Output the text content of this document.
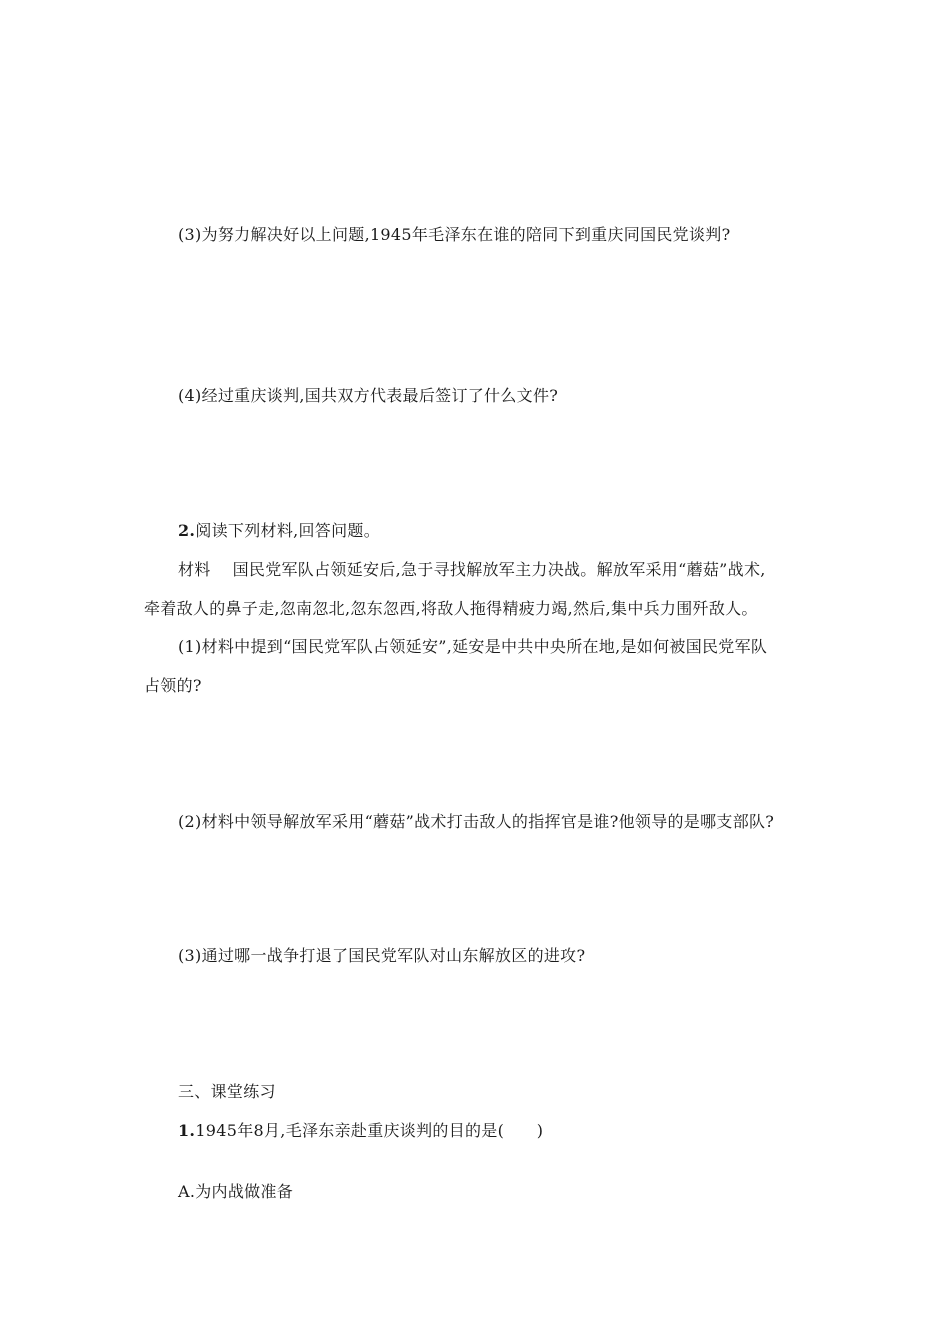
(3)为努力解决好以上问题,1945年毛泽东在谁的陪同下到重庆同国民党谈判?
(4)经过重庆谈判,国共双方代表最后签订了什么文件?
2.阅读下列材料,回答问题。
材料 国民党军队占领延安后,急于寻找解放军主力决战。解放军采用“蘑菇”战术,
牵着敌人的鼻子走,忽南忽北,忽东忽西,将敌人拖得精疲力竭,然后,集中兵力围歼敌人。
(1)材料中提到“国民党军队占领延安”,延安是中共中央所在地,是如何被国民党军队
占领的?
(2)材料中领导解放军采用“蘑菇”战术打击敌人的指挥官是谁?他领导的是哪支部队?
(3)通过哪一战争打退了国民党军队对山东解放区的进攻?
三、课堂练习
1.1945年8月,毛泽东亲赴重庆谈判的目的是(　　)
A.为内战做准备
